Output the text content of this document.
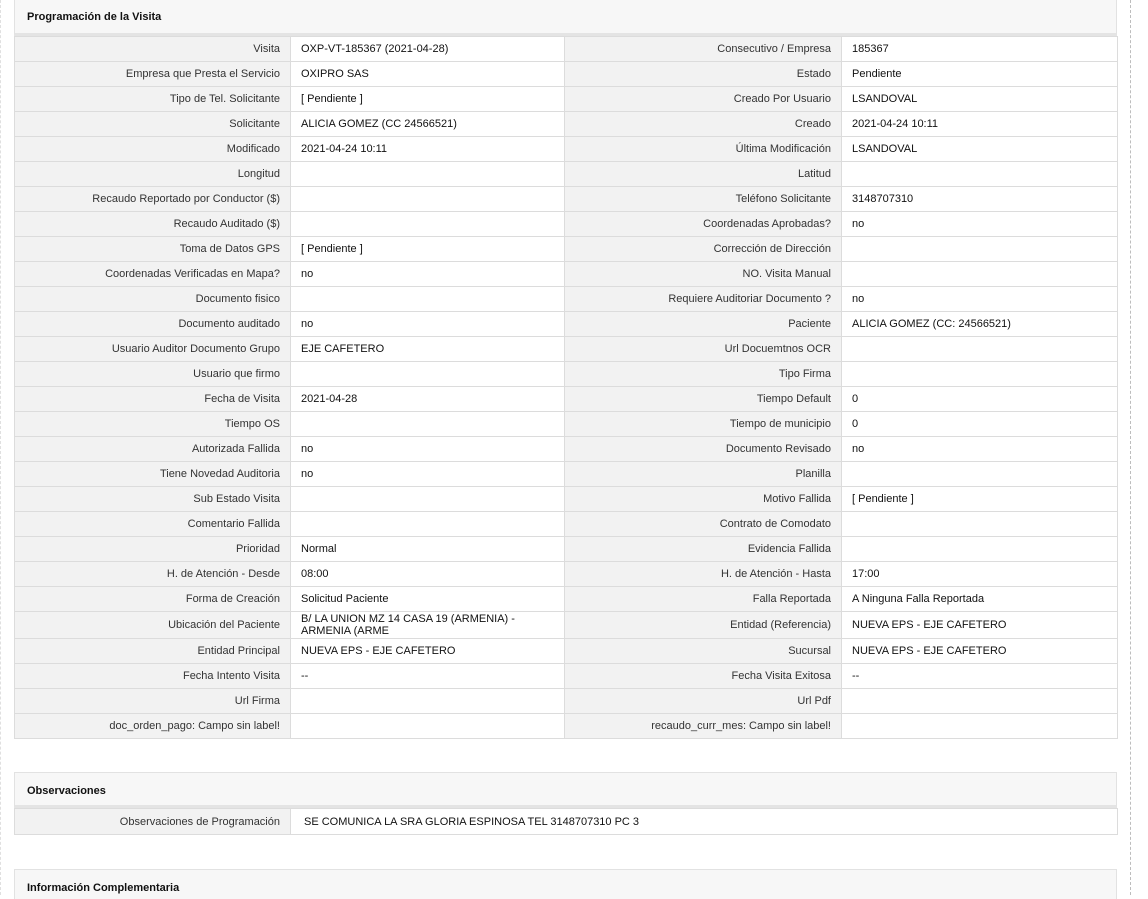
Programación de la Visita
Visita	OXP-VT-185367 (2021-04-28)	Consecutivo / Empresa	185367

Empresa que Presta el Servicio	OXIPRO SAS	Estado	Pendiente

Tipo de Tel. Solicitante	[ Pendiente ]	Creado Por Usuario	LSANDOVAL

Solicitante	ALICIA GOMEZ (CC 24566521)	Creado	2021-04-24 10:11

Modificado	2021-04-24 10:11	Última Modificación	LSANDOVAL

Longitud		Latitud	

Recaudo Reportado por Conductor ($)		Teléfono Solicitante	3148707310

Recaudo Auditado ($)		Coordenadas Aprobadas?	no

Toma de Datos GPS	[ Pendiente ]	Corrección de Dirección	

Coordenadas Verificadas en Mapa?	no	NO. Visita Manual	

Documento fisico		Requiere Auditoriar Documento ?	no

Documento auditado	no	Paciente	ALICIA GOMEZ (CC: 24566521)

Usuario Auditor Documento Grupo	EJE CAFETERO	Url Docuemtnos OCR	

Usuario que firmo		Tipo Firma	

Fecha de Visita	2021-04-28	Tiempo Default	0

Tiempo OS		Tiempo de municipio	0

Autorizada Fallida	no	Documento Revisado	no

Tiene Novedad Auditoria	no	Planilla	

Sub Estado Visita		Motivo Fallida	[ Pendiente ]

Comentario Fallida		Contrato de Comodato	

Prioridad	Normal	Evidencia Fallida	

H. de Atención - Desde	08:00	H. de Atención - Hasta	17:00

Forma de Creación	Solicitud Paciente	Falla Reportada	A Ninguna Falla Reportada

Ubicación del Paciente	B/ LA UNION MZ 14 CASA 19 (ARMENIA) - ARMENIA (ARME	Entidad (Referencia)	NUEVA EPS - EJE CAFETERO

Entidad Principal	NUEVA EPS - EJE CAFETERO	Sucursal	NUEVA EPS - EJE CAFETERO

Fecha Intento Visita	--	Fecha Visita Exitosa	--

Url Firma		Url Pdf	

doc_orden_pago: Campo sin label!		recaudo_curr_mes: Campo sin label!	

Observaciones
Observaciones de Programación	SE COMUNICA LA SRA GLORIA ESPINOSA TEL 3148707310 PC 3
Información Complementaria
